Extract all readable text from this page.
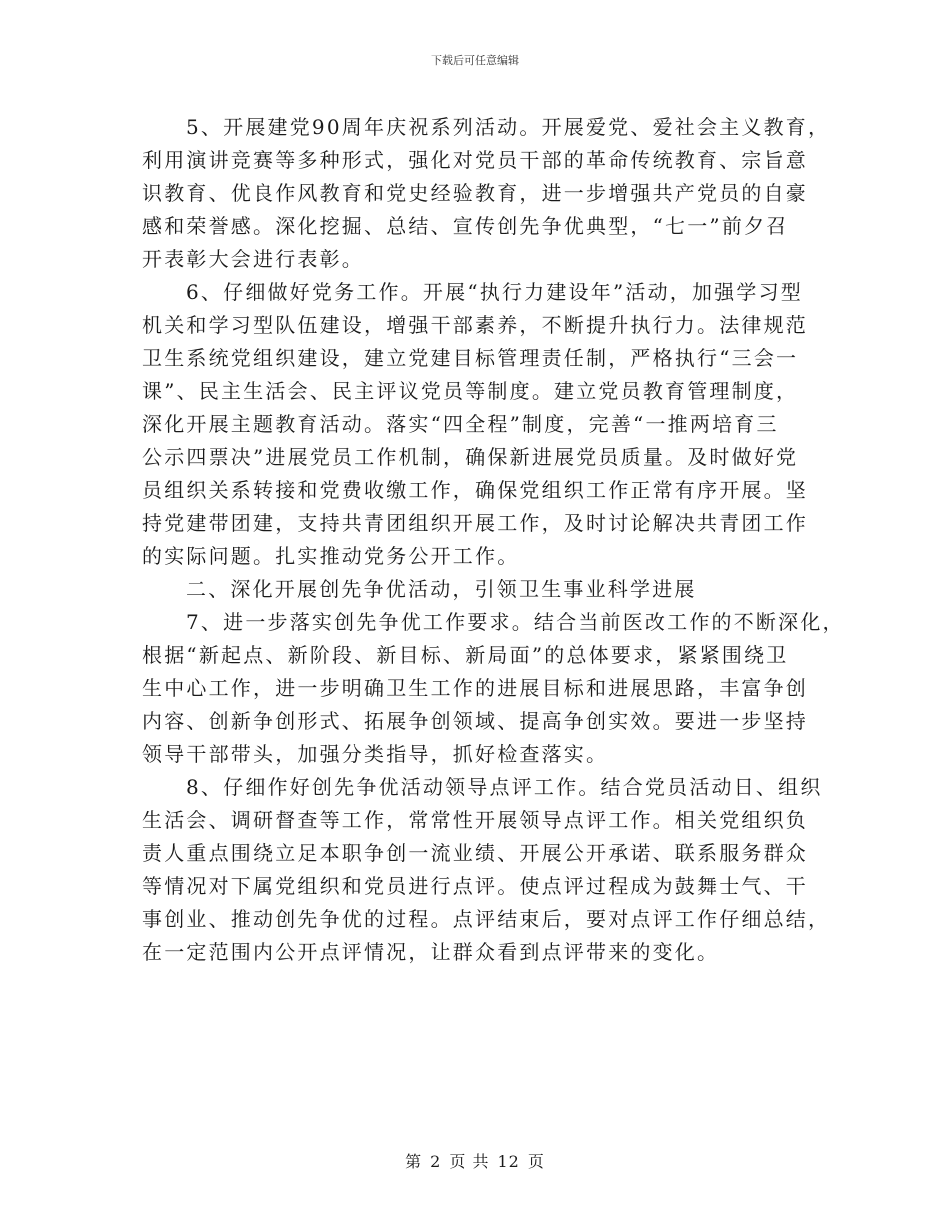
下载后可任意编辑
5、开展建党90周年庆祝系列活动。开展爱党、爱社会主义教育，
利用演讲竞赛等多种形式，强化对党员干部的革命传统教育、宗旨意
识教育、优良作风教育和党史经验教育，进一步增强共产党员的自豪
感和荣誉感。深化挖掘、总结、宣传创先争优典型，“七一”前夕召
开表彰大会进行表彰。
6、仔细做好党务工作。开展“执行力建设年”活动，加强学习型
机关和学习型队伍建设，增强干部素养，不断提升执行力。法律规范
卫生系统党组织建设，建立党建目标管理责任制，严格执行“三会一
课”、民主生活会、民主评议党员等制度。建立党员教育管理制度，
深化开展主题教育活动。落实“四全程”制度，完善“一推两培育三
公示四票决”进展党员工作机制，确保新进展党员质量。及时做好党
员组织关系转接和党费收缴工作，确保党组织工作正常有序开展。坚
持党建带团建，支持共青团组织开展工作，及时讨论解决共青团工作
的实际问题。扎实推动党务公开工作。
二、深化开展创先争优活动，引领卫生事业科学进展
7、进一步落实创先争优工作要求。结合当前医改工作的不断深化，
根据“新起点、新阶段、新目标、新局面”的总体要求，紧紧围绕卫
生中心工作，进一步明确卫生工作的进展目标和进展思路，丰富争创
内容、创新争创形式、拓展争创领域、提高争创实效。要进一步坚持
领导干部带头，加强分类指导，抓好检查落实。
8、仔细作好创先争优活动领导点评工作。结合党员活动日、组织
生活会、调研督查等工作，常常性开展领导点评工作。相关党组织负
责人重点围绕立足本职争创一流业绩、开展公开承诺、联系服务群众
等情况对下属党组织和党员进行点评。使点评过程成为鼓舞士气、干
事创业、推动创先争优的过程。点评结束后，要对点评工作仔细总结，
在一定范围内公开点评情况，让群众看到点评带来的变化。
第 2 页 共 12 页
